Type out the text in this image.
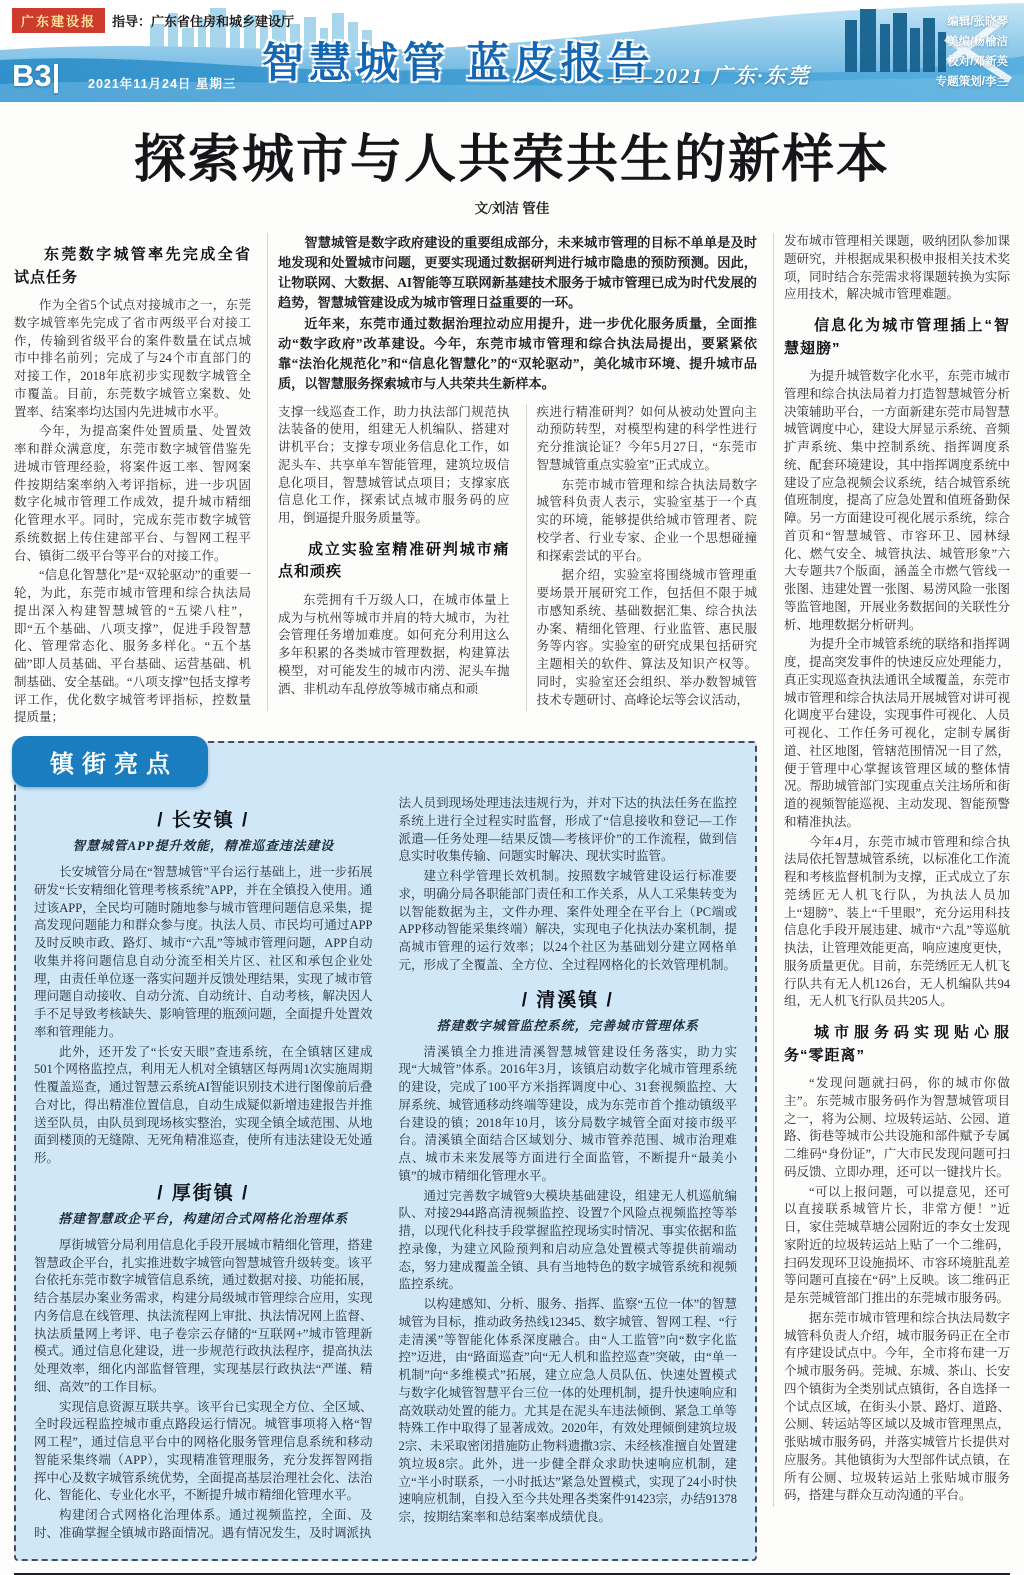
广东建设报	指导：广东省住房和城乡建设厅
智慧城管 蓝皮报告
——2021 广东·东莞
B3| 2021年11月24日 星期三
编辑/张晓琴
美编/杨榆洁
校对/邓新英
专题策划/李兰
探索城市与人共荣共生的新样本
文/刘洁 管佳
东莞数字城管率先完成全省试点任务

作为全省5个试点对接城市之一，东莞数字城管率先完成了省市两级平台对接工作，传输到省级平台的案件数量在试点城市中排名前列；完成了与24个市直部门的对接工作，2018年底初步实现数字城管全市覆盖。目前，东莞数字城管立案数、处置率、结案率均达国内先进城市水平。

今年，为提高案件处置质量、处置效率和群众满意度，东莞市数字城管借鉴先进城市管理经验，将案件返工率、智网案件按期结案率纳入考评指标，进一步巩固数字化城市管理工作成效，提升城市精细化管理水平。同时，完成东莞市数字城管系统数据上传住建部平台、与智网工程平台、镇街二级平台等平台的对接工作。

“信息化智慧化”是“双轮驱动”的重要一轮，为此，东莞市城市管理和综合执法局提出深入构建智慧城管的“五梁八柱”，即“五个基础、八项支撑”，促进手段智慧化、管理常态化、服务多样化。“五个基础”即人员基础、平台基础、运营基础、机制基础、安全基础。“八项支撑”包括支撑考评工作，优化数字城管考评指标，控数量提质量；

智慧城管是数字政府建设的重要组成部分，未来城市管理的目标不单单是及时地发现和处置城市问题，更要实现通过数据研判进行城市隐患的预防预测。因此，让物联网、大数据、AI智能等互联网新基建技术服务于城市管理已成为时代发展的趋势，智慧城管建设成为城市管理日益重要的一环。

近年来，东莞市通过数据治理拉动应用提升，进一步优化服务质量，全面推动“数字政府”改革建设。今年，东莞市城市管理和综合执法局提出，要紧紧依靠“法治化规范化”和“信息化智慧化”的“双轮驱动”，美化城市环境、提升城市品质，以智慧服务探索城市与人共荣共生新样本。

支撑一线巡查工作，助力执法部门规范执法装备的使用，组建无人机编队、搭建对讲机平台；支撑专项业务信息化工作，如泥头车、共享单车智能管理，建筑垃圾信息化项目，智慧城管试点项目；支撑家底信息化工作，探索试点城市服务码的应用，倒逼提升服务质量等。

成立实验室精准研判城市痛点和顽疾

东莞拥有千万级人口，在城市体量上成为与杭州等城市并肩的特大城市，为社会管理任务增加难度。如何充分利用这么多年积累的各类城市管理数据，构建算法模型，对可能发生的城市内涝、泥头车抛洒、非机动车乱停放等城市痛点和顽

疾进行精准研判？如何从被动处置向主动预防转型，对模型构建的科学性进行充分推演论证？今年5月27日，“东莞市智慧城管重点实验室”正式成立。

东莞市城市管理和综合执法局数字城管科负责人表示，实验室基于一个真实的环境，能够提供给城市管理者、院校学者、行业专家、企业一个思想碰撞和探索尝试的平台。

据介绍，实验室将围绕城市管理重要场景开展研究工作，包括但不限于城市感知系统、基础数据汇集、综合执法办案、精细化管理、行业监管、惠民服务等内容。实验室的研究成果包括研究主题相关的软件、算法及知识产权等。同时，实验室还会组织、举办数智城管技术专题研讨、高峰论坛等会议活动，

发布城市管理相关课题，吸纳团队参加课题研究，并根据成果积极申报相关技术奖项，同时结合东莞需求将课题转换为实际应用技术，解决城市管理难题。

信息化为城市管理插上“智慧翅膀”

为提升城管数字化水平，东莞市城市管理和综合执法局着力打造智慧城管分析决策辅助平台，一方面新建东莞市局智慧城管调度中心，建设大屏显示系统、音频扩声系统、集中控制系统、指挥调度系统、配套环境建设，其中指挥调度系统中建设了应急视频会议系统，结合城管系统值班制度，提高了应急处置和值班备勤保障。另一方面建设可视化展示系统，综合首页和“智慧城管、市容环卫、园林绿化、燃气安全、城管执法、城管形象”六大专题共7个版面，涵盖全市燃气管线一张图、违建处置一张图、易涝风险一张图等监管地图，开展业务数据间的关联性分析、地理数据分析研判。

为提升全市城管系统的联络和指挥调度，提高突发事件的快速反应处理能力，真正实现巡查执法通讯全域覆盖，东莞市城市管理和综合执法局开展城管对讲可视化调度平台建设，实现事件可视化、人员可视化、工作任务可视化，定制专属街道、社区地图，管辖范围情况一目了然，便于管理中心掌握该管理区域的整体情况。帮助城管部门实现重点关注场所和街道的视频智能巡视、主动发现、智能预警和精准执法。

今年4月，东莞市城市管理和综合执法局依托智慧城管系统，以标准化工作流程和考核监督机制为支撑，正式成立了东莞绣匠无人机飞行队，为执法人员加上“翅膀”、装上“千里眼”，充分运用科技信息化手段开展违建、城市“六乱”等巡航执法，让管理效能更高，响应速度更快，服务质量更优。目前，东莞绣匠无人机飞行队共有无人机126台，无人机编队共94组，无人机飞行队员共205人。

城市服务码实现贴心服务“零距离”

“发现问题就扫码，你的城市你做主”。东莞城市服务码作为智慧城管项目之一，将为公厕、垃圾转运站、公园、道路、街巷等城市公共设施和部件赋予专属二维码“身份证”，广大市民发现问题可扫码反馈、立即办理，还可以一键找片长。

“可以上报问题，可以提意见，还可以直接联系城管片长，非常方便！”近日，家住莞城草塘公园附近的李女士发现家附近的垃圾转运站上贴了一个二维码，扫码发现环卫设施损坏、市容环境脏乱差等问题可直接在“码”上反映。该二维码正是东莞城管部门推出的东莞城市服务码。

据东莞市城市管理和综合执法局数字城管科负责人介绍，城市服务码正在全市有序建设试点中。今年，全市将布建一万个城市服务码。莞城、东城、茶山、长安四个镇街为全类别试点镇街，各自选择一个试点区域，在街头小景、路灯、道路、公厕、转运站等区域以及城市管理黑点，张贴城市服务码，并落实城管片长提供对应服务。其他镇街为大型部件试点镇，在所有公厕、垃圾转运站上张贴城市服务码，搭建与群众互动沟通的平台。

镇街亮点
/ 长安镇 /
智慧城管APP提升效能，精准巡查违法建设

长安城管分局在“智慧城管”平台运行基础上，进一步拓展研发“长安精细化管理考核系统”APP，并在全镇投入使用。通过该APP，全民均可随时随地参与城市管理问题信息采集，提高发现问题能力和群众参与度。执法人员、市民均可通过APP及时反映市政、路灯、城市“六乱”等城市管理问题，APP自动收集并将问题信息自动分流至相关片区、社区和承包企业处理，由责任单位逐一落实问题并反馈处理结果，实现了城市管理问题自动接收、自动分流、自动统计、自动考核，解决因人手不足导致考核缺失、影响管理的瓶颈问题，全面提升处置效率和管理能力。

此外，还开发了“长安天眼”查违系统，在全镇辖区建成501个网格监控点，利用无人机对全镇辖区每两周1次实施周期性覆盖巡查，通过智慧云系统AI智能识别技术进行图像前后叠合对比，得出精准位置信息，自动生成疑似新增违建报告并推送至队员，由队员到现场核实整治，实现全镇全域范围、从地面到楼顶的无缝隙、无死角精准巡查，使所有违法建设无处遁形。

/ 厚街镇 /
搭建智慧政企平台，构建闭合式网格化治理体系

厚街城管分局利用信息化手段开展城市精细化管理，搭建智慧政企平台，扎实推进数字城管向智慧城管升级转变。该平台依托东莞市数字城管信息系统，通过数据对接、功能拓展，结合基层办案业务需求，构建分局级城市管理综合应用，实现内务信息在线管理、执法流程网上审批、执法情况网上监督、执法质量网上考评、电子卷宗云存储的“互联网+”城市管理新模式。通过信息化建设，进一步规范行政执法程序，提高执法处理效率，细化内部监督管理，实现基层行政执法“严谨、精细、高效”的工作目标。

实现信息资源互联共享。该平台已实现全方位、全区域、全时段远程监控城市重点路段运行情况。城管事项将入格“智网工程”，通过信息平台中的网格化服务管理信息系统和移动智能采集终端（APP），实现精准管理服务，充分发挥智网指挥中心及数字城管系统优势，全面提高基层治理社会化、法治化、智能化、专业化水平，不断提升城市精细化管理水平。

构建闭合式网格化治理体系。通过视频监控，全面、及时、准确掌握全镇城市路面情况。遇有情况发生，及时调派执

法人员到现场处理违法违规行为，并对下达的执法任务在监控系统上进行全过程实时监督，形成了“信息接收和登记—工作派遣—任务处理—结果反馈—考核评价”的工作流程，做到信息实时收集传输、问题实时解决、现状实时监管。

建立科学管理长效机制。按照数字城管建设运行标准要求，明确分局各职能部门责任和工作关系，从人工采集转变为以智能数据为主，文件办理、案件处理全在平台上（PC端或APP移动智能采集终端）解决，实现电子化执法办案机制，提高城市管理的运行效率；以24个社区为基础划分建立网格单元，形成了全覆盖、全方位、全过程网格化的长效管理机制。

/ 清溪镇 /
搭建数字城管监控系统，完善城市管理体系

清溪镇全力推进清溪智慧城管建设任务落实，助力实现“大城管”体系。2016年3月，该镇启动数字化城市管理系统的建设，完成了100平方米指挥调度中心、31套视频监控、大屏系统、城管通移动终端等建设，成为东莞市首个推动镇级平台建设的镇；2018年10月，该分局数字城管全面对接市级平台。清溪镇全面结合区域划分、城市管养范围、城市治理难点、城市未来发展等方面进行全面监管，不断提升“最美小镇”的城市精细化管理水平。

通过完善数字城管9大模块基础建设，组建无人机巡航编队、对接2944路高清视频监控、设置7个风险点视频监控等举措，以现代化科技手段掌握监控现场实时情况、事实依据和监控录像，为建立风险预判和启动应急处置模式等提供前端动态，努力建成覆盖全镇、具有当地特色的数字城管系统和视频监控系统。

以构建感知、分析、服务、指挥、监察“五位一体”的智慧城管为目标，推动政务热线12345、数字城管、智网工程、“行走清溪”等智能化体系深度融合。由“人工监管”向“数字化监控”迈进，由“路面巡查”向“无人机和监控巡查”突破，由“单一机制”向“多维模式”拓展，建立应急人员队伍、快速处置模式与数字化城管智慧平台三位一体的处理机制，提升快速响应和高效联动处置的能力。尤其是在泥头车违法倾倒、紧急工单等特殊工作中取得了显著成效。2020年，有效处理倾倒建筑垃圾2宗、未采取密闭措施防止物料遗撒3宗、未经核准擅自处置建筑垃圾8宗。此外，进一步健全群众求助快速响应机制，建立“半小时联系，一小时抵达”紧急处置模式，实现了24小时快速响应机制，自投入至今共处理各类案件91423宗，办结91378宗，按期结案率和总结案率成绩优良。
